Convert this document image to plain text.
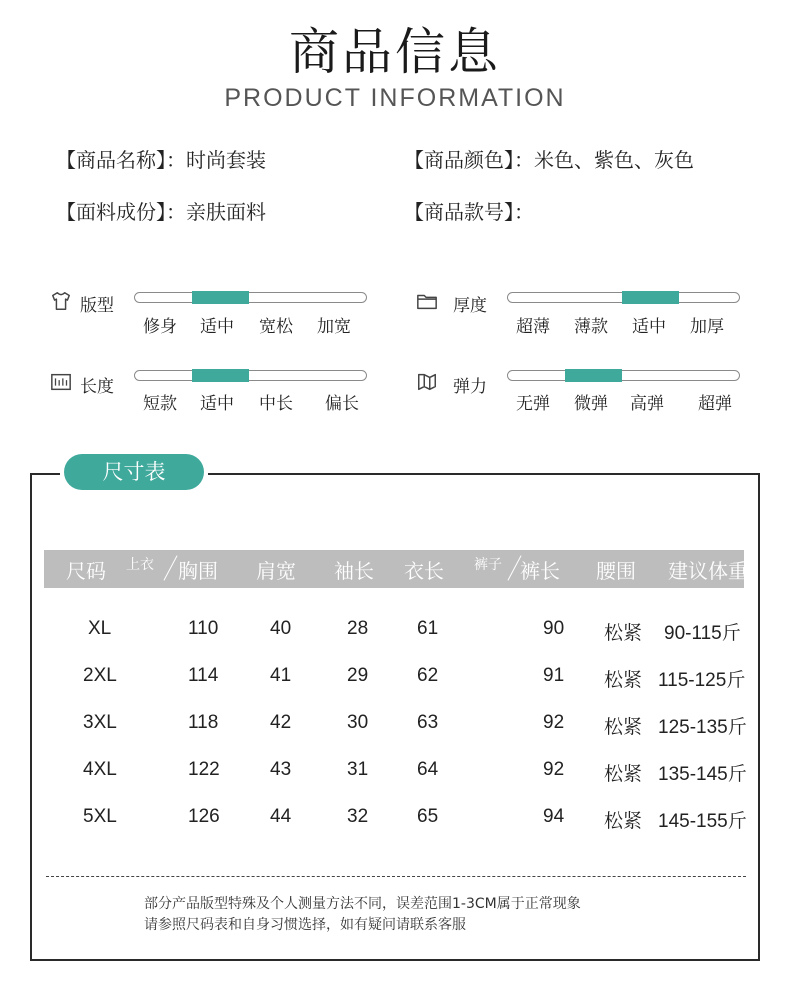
商品信息
PRODUCT INFORMATION
【商品名称】：时尚套装	【商品颜色】：米色、紫色、灰色
【面料成份】：亲肤面料	【商品款号】：
版型
修身 适中 宽松 加宽
厚度
超薄 薄款 适中 加厚
长度
短款 适中 中长 偏长
弹力
无弹 微弹 高弹 超弹
尺寸表
尺码 上衣 胸围 肩宽 袖长 衣长 裤子 裤长 腰围 建议体重
XL	110	40	28	61	90 松紧 90-115斤
2XL	114	41	29	62	91 松紧 115-125斤
3XL	118	42	30	63	92 松紧 125-135斤
4XL	122	43	31	64	92 松紧 135-145斤
5XL	126	44	32	65	94 松紧 145-155斤
部分产品版型特殊及个人测量方法不同，误差范围1-3CM属于正常现象
请参照尺码表和自身习惯选择，如有疑问请联系客服
